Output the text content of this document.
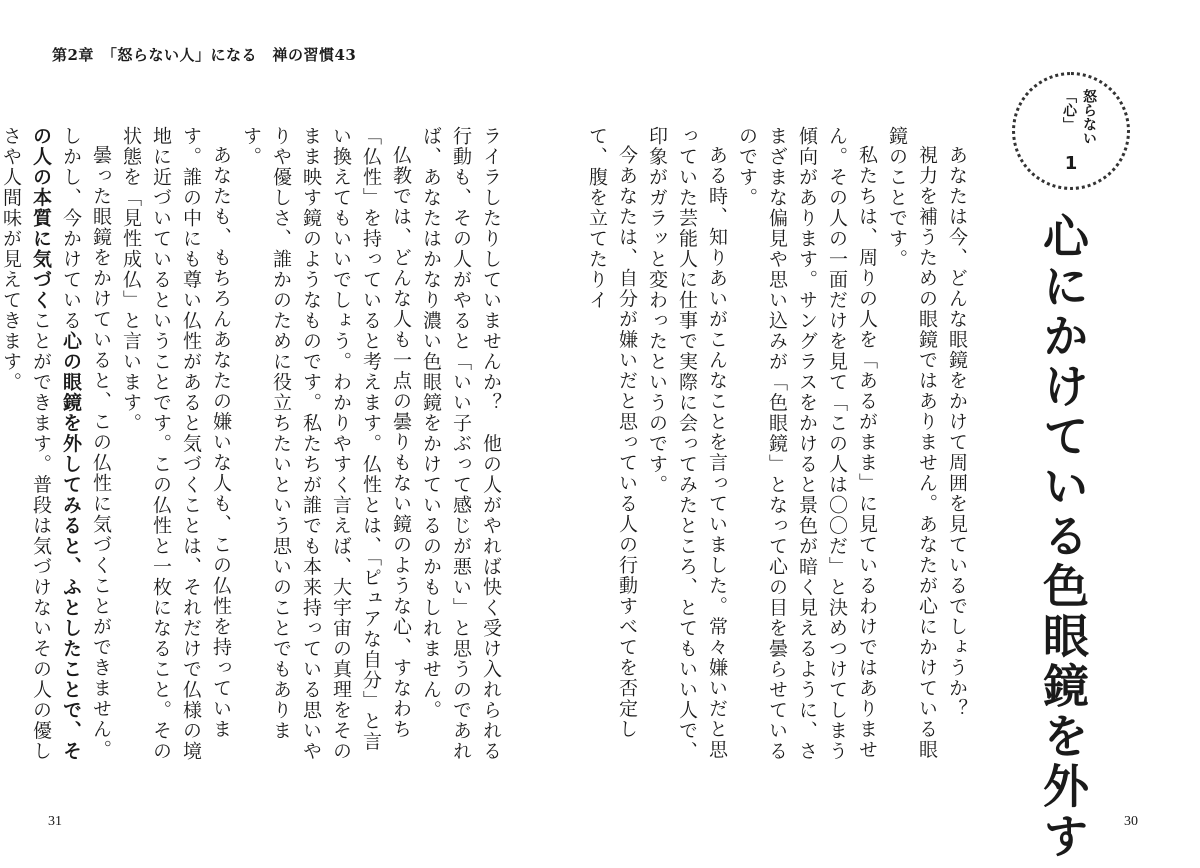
第2章　「怒らない人」になる　禅の習慣43
怒らない
「心」
1
心にかけている色眼鏡を外す
あなたは今、どんな眼鏡をかけて周囲を見ているでしょうか？
視力を補うための眼鏡ではありません。あなたが心にかけている眼鏡のことです。
私たちは、周りの人を「あるがまま」に見ているわけではありません。その人の一面だけを見て「この人は〇〇だ」と決めつけてしまう傾向があります。サングラスをかけると景色が暗く見えるように、さまざまな偏見や思い込みが「色眼鏡」となって心の目を曇らせているのです。
ある時、知りあいがこんなことを言っていました。常々嫌いだと思っていた芸能人に仕事で実際に会ってみたところ、とてもいい人で、印象がガラッと変わったというのです。
今あなたは、自分が嫌いだと思っている人の行動すべてを否定して、腹を立てたりイ
ライラしたりしていませんか？　他の人がやれば快く受け入れられる行動も、その人がやると「いい子ぶって感じが悪い」と思うのであれば、あなたはかなり濃い色眼鏡をかけているのかもしれません。
仏教では、どんな人も一点の曇りもない鏡のような心、すなわち「仏性」を持っていると考えます。仏性とは、「ピュアな自分」と言い換えてもいいでしょう。わかりやすく言えば、大宇宙の真理をそのまま映す鏡のようなものです。私たちが誰でも本来持っている思いやりや優しさ、誰かのために役立ちたいという思いのことでもあります。
あなたも、もちろんあなたの嫌いな人も、この仏性を持っています。誰の中にも尊い仏性があると気づくことは、それだけで仏様の境地に近づいているということです。この仏性と一枚になること。その状態を「見性成仏」と言います。
曇った眼鏡をかけていると、この仏性に気づくことができません。しかし、今かけている心の眼鏡を外してみると、ふとしたことで、その人の本質に気づくことができます。普段は気づけないその人の優しさや人間味が見えてきます。
31	30
